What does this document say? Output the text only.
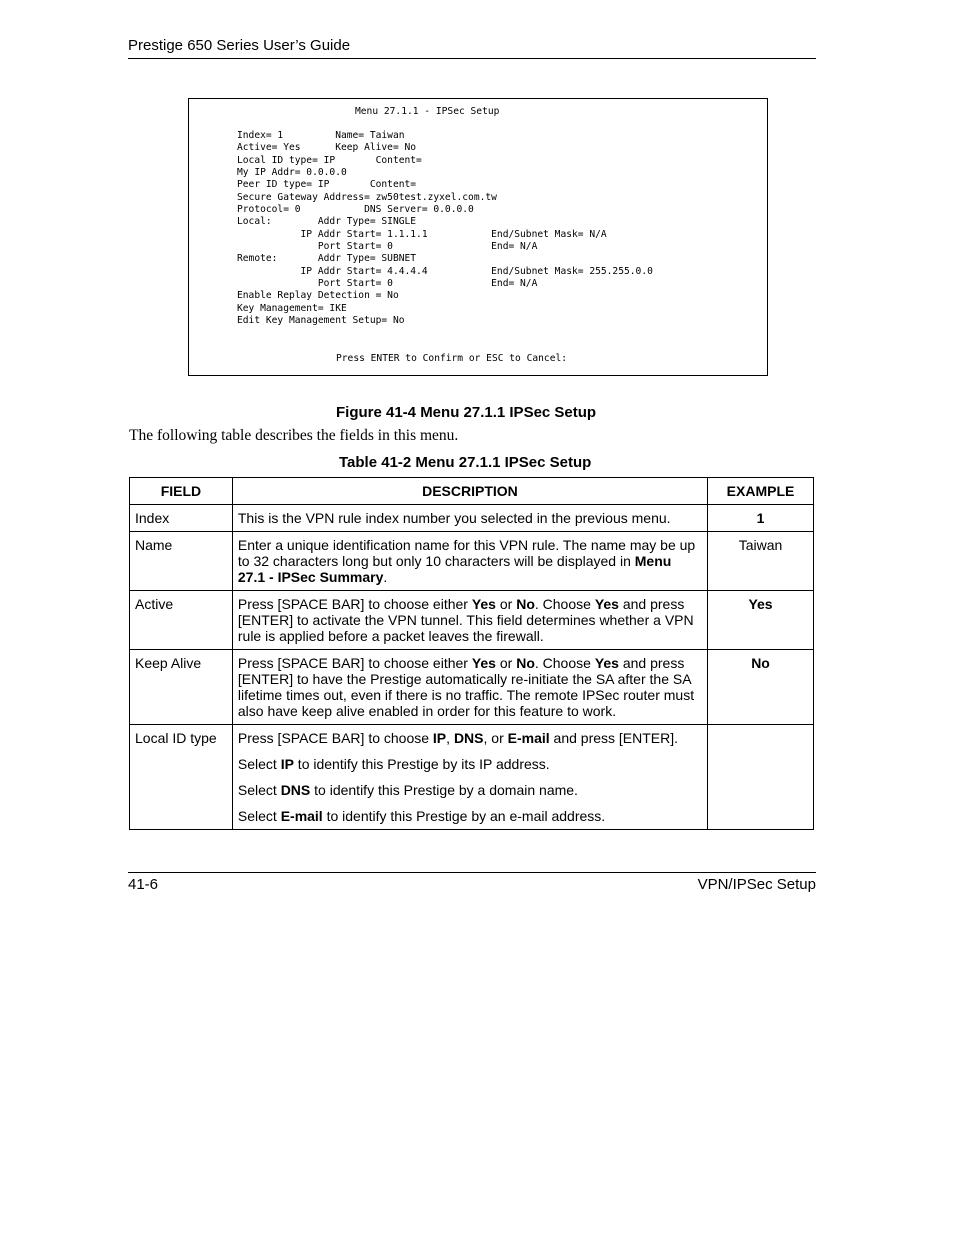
Prestige 650 Series User’s Guide
Menu 27.1.1 - IPSec Setup
Index= 1         Name= Taiwan
Active= Yes      Keep Alive= No
Local ID type= IP       Content=
My IP Addr= 0.0.0.0
Peer ID type= IP       Content=
Secure Gateway Address= zw50test.zyxel.com.tw
Protocol= 0           DNS Server= 0.0.0.0
Local:        Addr Type= SINGLE
IP Addr Start= 1.1.1.1           End/Subnet Mask= N/A
Port Start= 0                 End= N/A
Remote:       Addr Type= SUBNET
IP Addr Start= 4.4.4.4           End/Subnet Mask= 255.255.0.0
Port Start= 0                 End= N/A
Enable Replay Detection = No
Key Management= IKE
Edit Key Management Setup= No
Press ENTER to Confirm or ESC to Cancel:
Figure 41-4 Menu 27.1.1 IPSec Setup
The following table describes the fields in this menu.
Table 41-2 Menu 27.1.1 IPSec Setup
FIELD	DESCRIPTION	EXAMPLE
Index	This is the VPN rule index number you selected in the previous menu.	1
Name	Enter a unique identification name for this VPN rule. The name may be up to 32 characters long but only 10 characters will be displayed in Menu 27.1 - IPSec Summary.	Taiwan
Active	Press [SPACE BAR] to choose either Yes or No. Choose Yes and press [ENTER] to activate the VPN tunnel. This field determines whether a VPN rule is applied before a packet leaves the firewall.	Yes
Keep Alive	Press [SPACE BAR] to choose either Yes or No. Choose Yes and press [ENTER] to have the Prestige automatically re-initiate the SA after the SA lifetime times out, even if there is no traffic. The remote IPSec router must also have keep alive enabled in order for this feature to work.	No
Local ID type	Press [SPACE BAR] to choose IP, DNS, or E-mail and press [ENTER].

Select IP to identify this Prestige by its IP address.

Select DNS to identify this Prestige by a domain name.

Select E-mail to identify this Prestige by an e-mail address.	

41-6	VPN/IPSec Setup
